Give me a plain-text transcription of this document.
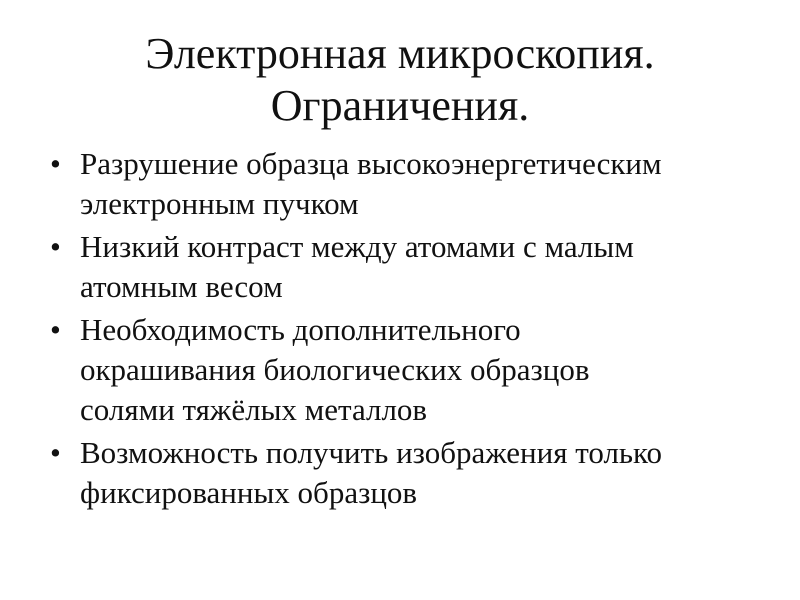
Электронная микроскопия.
Ограничения.
• Разрушение образца высокоэнергетическим
электронным пучком
• Низкий контраст между атомами с малым
атомным весом
• Необходимость дополнительного
окрашивания биологических образцов
солями тяжёлых металлов
• Возможность получить изображения только
фиксированных образцов
